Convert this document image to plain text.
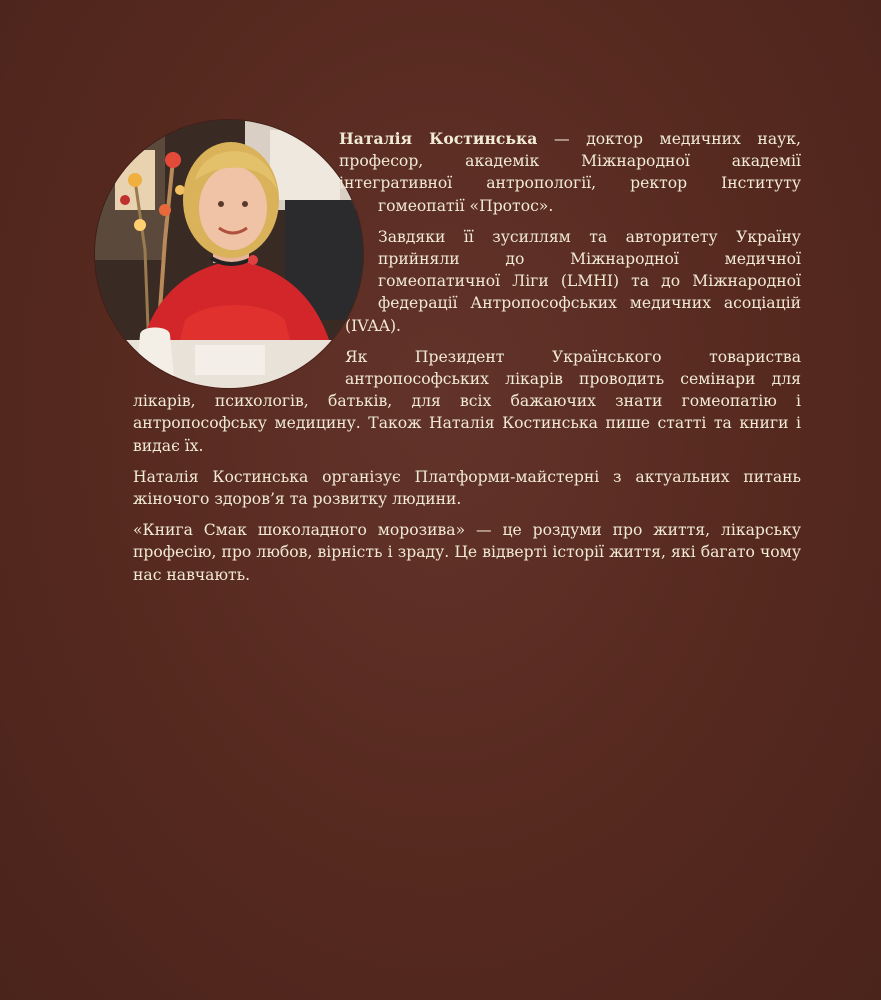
Наталія Костинська — доктор медичних наук, професор, академік Міжнародної академії інтегративної антропології, ректор Інституту гомеопатії «Протос».

Завдяки її зусиллям та авторитету Україну прийняли до Міжнародної медичної гомеопатичної Ліги (LMHI) та до Міжнародної федерації Антропософських медичних асоціацій (IVAA).

Як Президент Українського товариства антропософських лікарів проводить семінари для лікарів, психологів, батьків, для всіх бажаючих знати гомеопатію і антропософську медицину. Також Наталія Костинська пише статті та книги і видає їх.

Наталія Костинська організує Платформи-майстерні з актуальних питань жіночого здоров’я та розвитку людини.

«Книга Смак шоколадного морозива» — це роздуми про життя, лікарську професію, про любов, вірність і зраду. Це відверті історії життя, які багато чому нас навчають.
